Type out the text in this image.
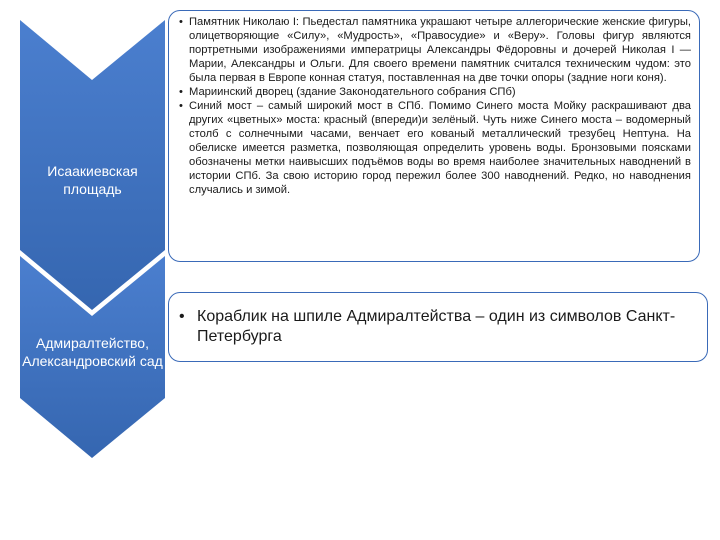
Исаакиевская площадь
Адмиралтейство, Александровский сад
• Памятник Николаю I: Пьедестал памятника украшают четыре аллегорические женские фигуры, олицетворяющие «Силу», «Мудрость», «Правосудие» и «Веру». Головы фигур являются портретными изображениями императрицы Александры Фёдоровны и дочерей Николая I — Марии, Александры и Ольги. Для своего времени памятник считался техническим чудом: это была первая в Европе конная статуя, поставленная на две точки опоры (задние ноги коня).
• Мариинский дворец (здание Законодательного собрания СПб)
• Синий мост – самый широкий мост в СПб. Помимо Синего моста Мойку раскрашивают два других «цветных» моста: красный (впереди)и зелёный. Чуть ниже Синего моста – водомерный столб с солнечными часами, венчает его кованый металлический трезубец Нептуна. На обелиске имеется разметка, позволяющая определить уровень воды. Бронзовыми поясками обозначены метки наивысших подъёмов воды во время наиболее значительных наводнений в истории СПб. За свою историю город пережил более 300 наводнений. Редко, но наводнения случались и зимой.
• Кораблик на шпиле Адмиралтейства – один из символов Санкт-Петербурга
